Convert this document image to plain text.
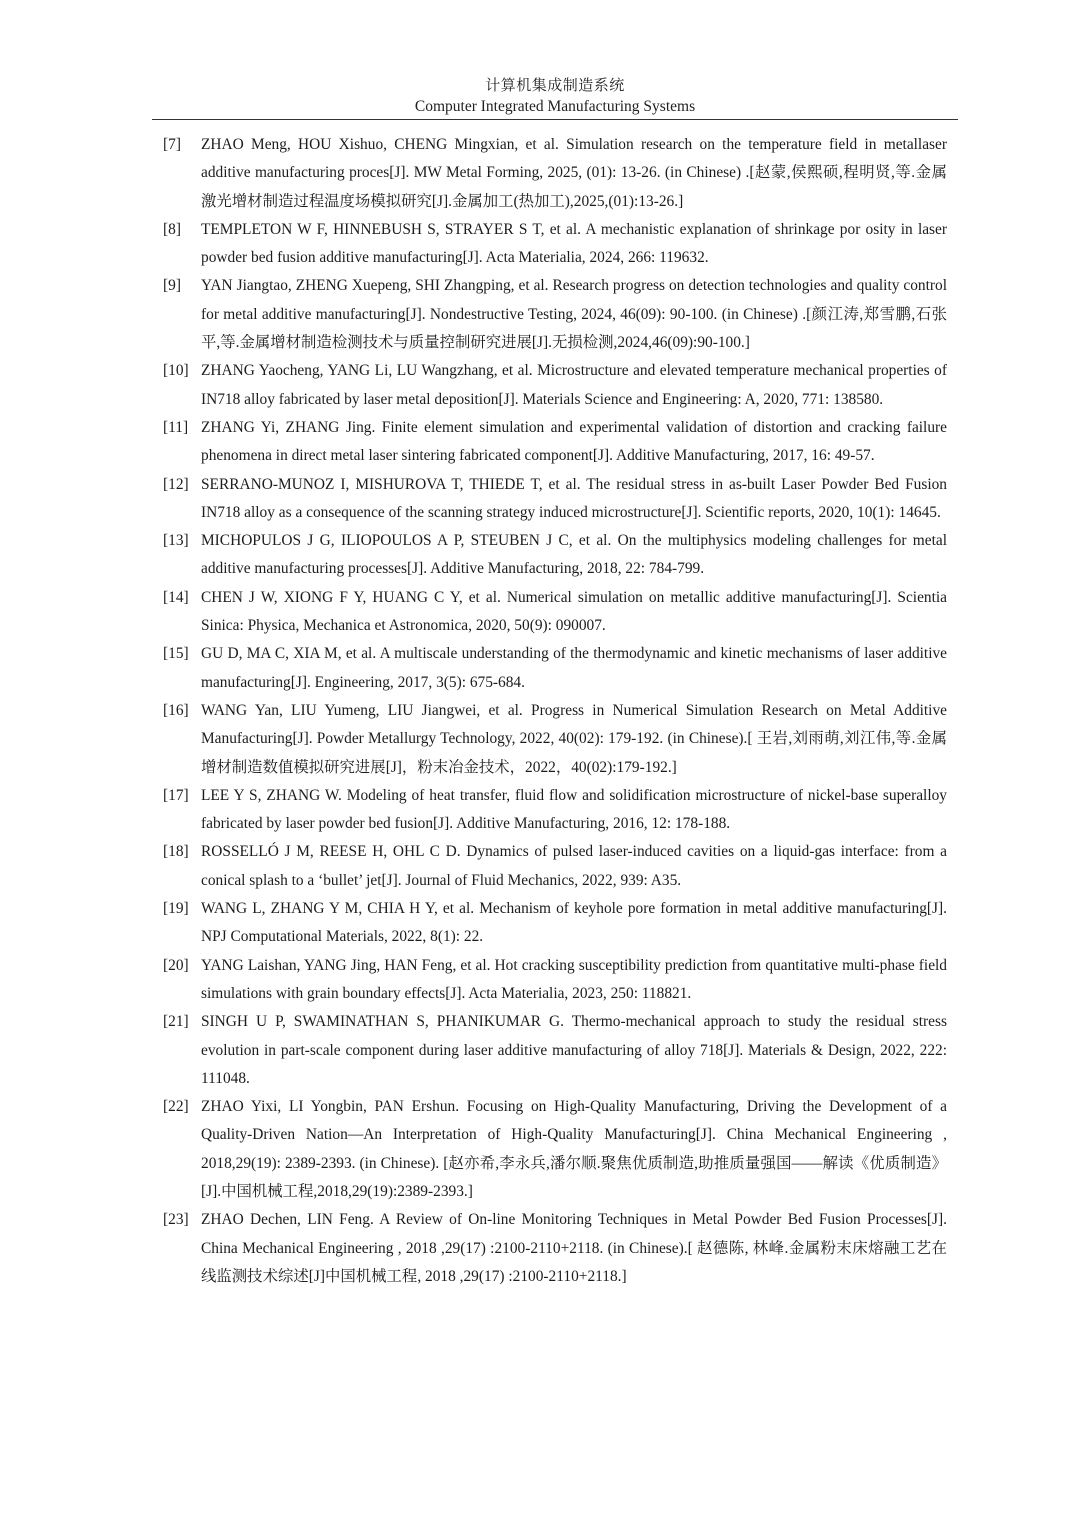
计算机集成制造系统
Computer Integrated Manufacturing Systems
[7]	ZHAO Meng, HOU Xishuo, CHENG Mingxian, et al. Simulation research on the temperature field in metallaser additive manufacturing proces[J]. MW Metal Forming, 2025, (01): 13-26. (in Chinese) .[赵蒙,侯熙硕,程明贤,等.金属激光增材制造过程温度场模拟研究[J].金属加工(热加工),2025,(01):13-26.]
[8]	TEMPLETON W F, HINNEBUSH S, STRAYER S T, et al. A mechanistic explanation of shrinkage por osity in laser powder bed fusion additive manufacturing[J]. Acta Materialia, 2024, 266: 119632.
[9]	YAN Jiangtao, ZHENG Xuepeng, SHI Zhangping, et al. Research progress on detection technologies and quality control for metal additive manufacturing[J]. Nondestructive Testing, 2024, 46(09): 90-100. (in Chinese) .[颜江涛,郑雪鹏,石张平,等.金属增材制造检测技术与质量控制研究进展[J].无损检测,2024,46(09):90-100.]
[10] ZHANG Yaocheng, YANG Li, LU Wangzhang, et al. Microstructure and elevated temperature mechanical properties of IN718 alloy fabricated by laser metal deposition[J]. Materials Science and Engineering: A, 2020, 771: 138580.
[11] ZHANG Yi, ZHANG Jing. Finite element simulation and experimental validation of distortion and cracking failure phenomena in direct metal laser sintering fabricated component[J]. Additive Manufacturing, 2017, 16: 49-57.
[12] SERRANO-MUNOZ I, MISHUROVA T, THIEDE T, et al. The residual stress in as-built Laser Powder Bed Fusion IN718 alloy as a consequence of the scanning strategy induced microstructure[J]. Scientific reports, 2020, 10(1): 14645.
[13] MICHOPULOS J G, ILIOPOULOS A P, STEUBEN J C, et al. On the multiphysics modeling challenges for metal additive manufacturing processes[J]. Additive Manufacturing, 2018, 22: 784-799.
[14] CHEN J W, XIONG F Y, HUANG C Y, et al. Numerical simulation on metallic additive manufacturing[J]. Scientia Sinica: Physica, Mechanica et Astronomica, 2020, 50(9): 090007.
[15] GU D, MA C, XIA M, et al. A multiscale understanding of the thermodynamic and kinetic mechanisms of laser additive manufacturing[J]. Engineering, 2017, 3(5): 675-684.
[16] WANG Yan, LIU Yumeng, LIU Jiangwei, et al. Progress in Numerical Simulation Research on Metal Additive Manufacturing[J]. Powder Metallurgy Technology, 2022, 40(02): 179-192. (in Chinese).[ 王岩,刘雨萌,刘江伟,等.金属增材制造数值模拟研究进展[J]，粉末冶金技术，2022，40(02):179-192.]
[17] LEE Y S, ZHANG W. Modeling of heat transfer, fluid flow and solidification microstructure of nickel-base superalloy fabricated by laser powder bed fusion[J]. Additive Manufacturing, 2016, 12: 178-188.
[18] ROSSELLÓ J M, REESE H, OHL C D. Dynamics of pulsed laser-induced cavities on a liquid-gas interface: from a conical splash to a ‘bullet’ jet[J]. Journal of Fluid Mechanics, 2022, 939: A35.
[19] WANG L, ZHANG Y M, CHIA H Y, et al. Mechanism of keyhole pore formation in metal additive manufacturing[J]. NPJ Computational Materials, 2022, 8(1): 22.
[20] YANG Laishan, YANG Jing, HAN Feng, et al. Hot cracking susceptibility prediction from quantitative multi-phase field simulations with grain boundary effects[J]. Acta Materialia, 2023, 250: 118821.
[21] SINGH U P, SWAMINATHAN S, PHANIKUMAR G. Thermo-mechanical approach to study the residual stress evolution in part-scale component during laser additive manufacturing of alloy 718[J]. Materials & Design, 2022, 222: 111048.
[22] ZHAO Yixi, LI Yongbin, PAN Ershun. Focusing on High-Quality Manufacturing, Driving the Development of a Quality-Driven Nation—An Interpretation of High-Quality Manufacturing[J]. China Mechanical Engineering , 2018,29(19): 2389-2393. (in Chinese). [赵亦希,李永兵,潘尔顺.聚焦优质制造,助推质量强国——解读《优质制造》[J].中国机械工程,2018,29(19):2389-2393.]
[23] ZHAO Dechen, LIN Feng. A Review of On-line Monitoring Techniques in Metal Powder Bed Fusion Processes[J]. China Mechanical Engineering , 2018 ,29(17) :2100-2110+2118. (in Chinese).[ 赵德陈, 林峰.金属粉末床熔融工艺在线监测技术综述[J]中国机械工程, 2018 ,29(17) :2100-2110+2118.]
